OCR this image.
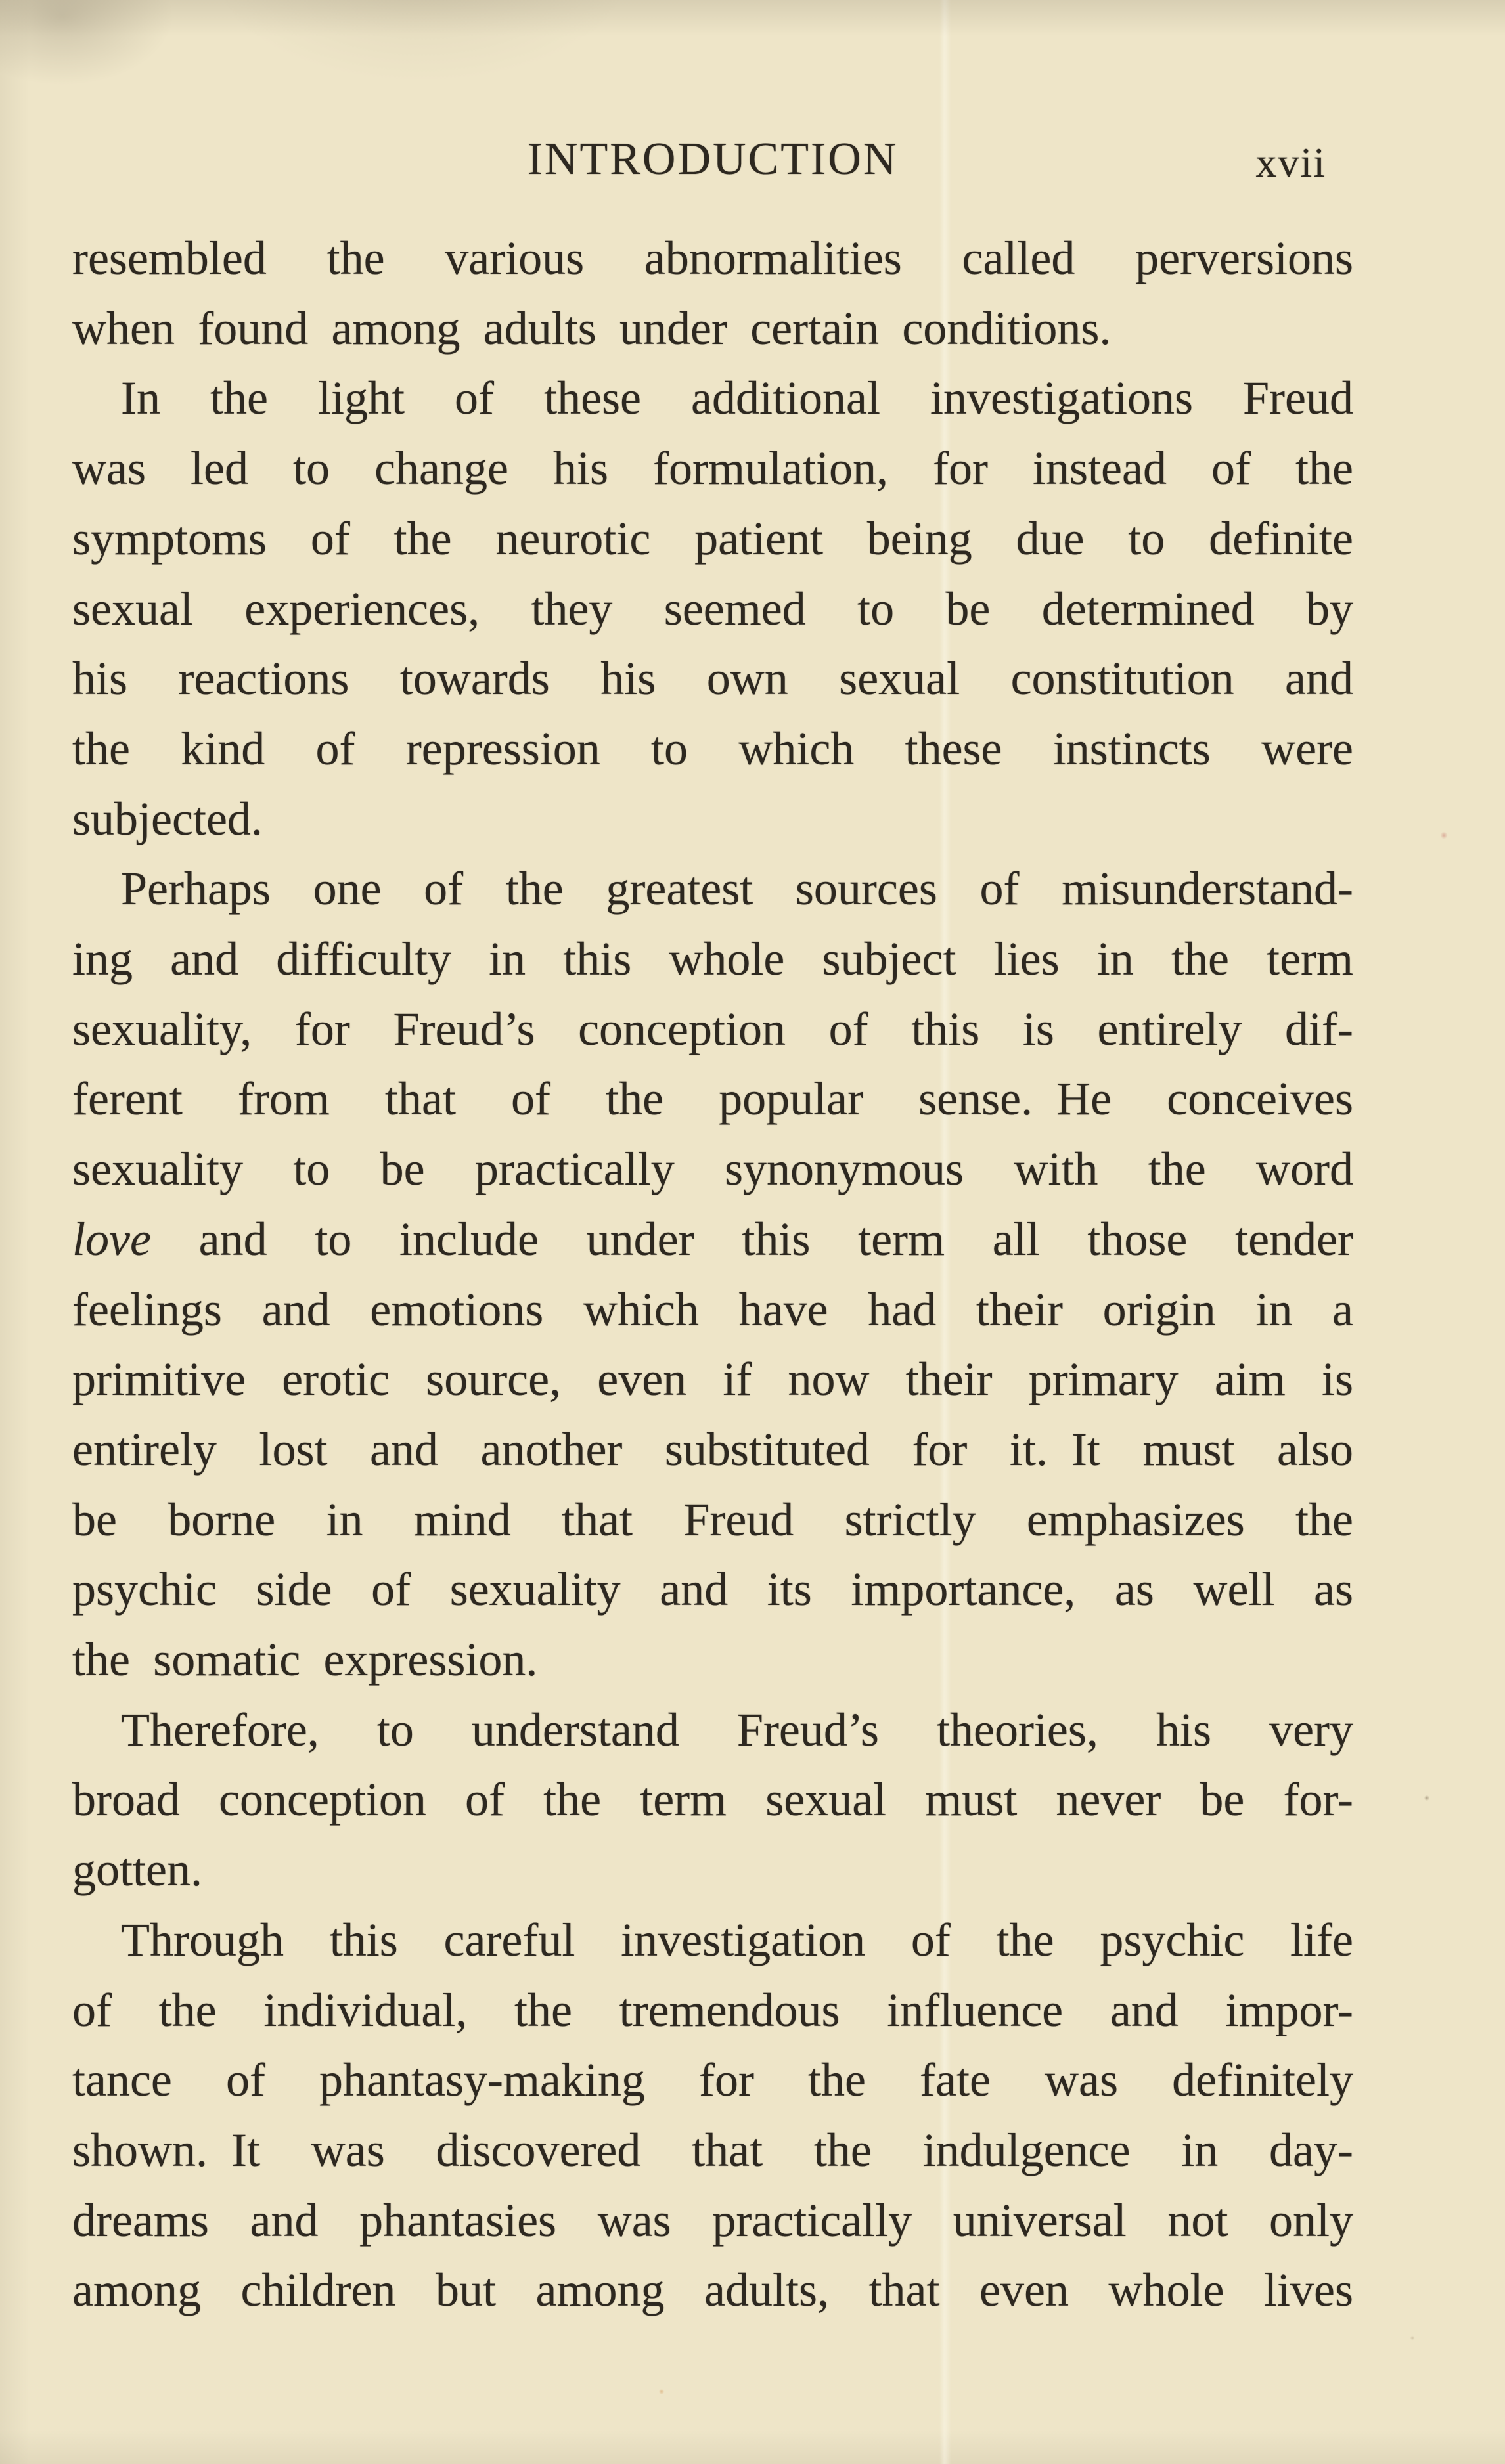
INTRODUCTION	xvii
resembled the various abnormalities called perversions
when found among adults under certain conditions.
In the light of these additional investigations Freud
was led to change his formulation, for instead of the
symptoms of the neurotic patient being due to definite
sexual experiences, they seemed to be determined by
his reactions towards his own sexual constitution and
the kind of repression to which these instincts were
subjected.
Perhaps one of the greatest sources of misunderstand-
ing and difficulty in this whole subject lies in the term
sexuality, for Freud’s conception of this is entirely dif-
ferent from that of the popular sense. He conceives
sexuality to be practically synonymous with the word
love and to include under this term all those tender
feelings and emotions which have had their origin in a
primitive erotic source, even if now their primary aim is
entirely lost and another substituted for it. It must also
be borne in mind that Freud strictly emphasizes the
psychic side of sexuality and its importance, as well as
the somatic expression.
Therefore, to understand Freud’s theories, his very
broad conception of the term sexual must never be for-
gotten.
Through this careful investigation of the psychic life
of the individual, the tremendous influence and impor-
tance of phantasy-making for the fate was definitely
shown. It was discovered that the indulgence in day-
dreams and phantasies was practically universal not only
among children but among adults, that even whole lives
